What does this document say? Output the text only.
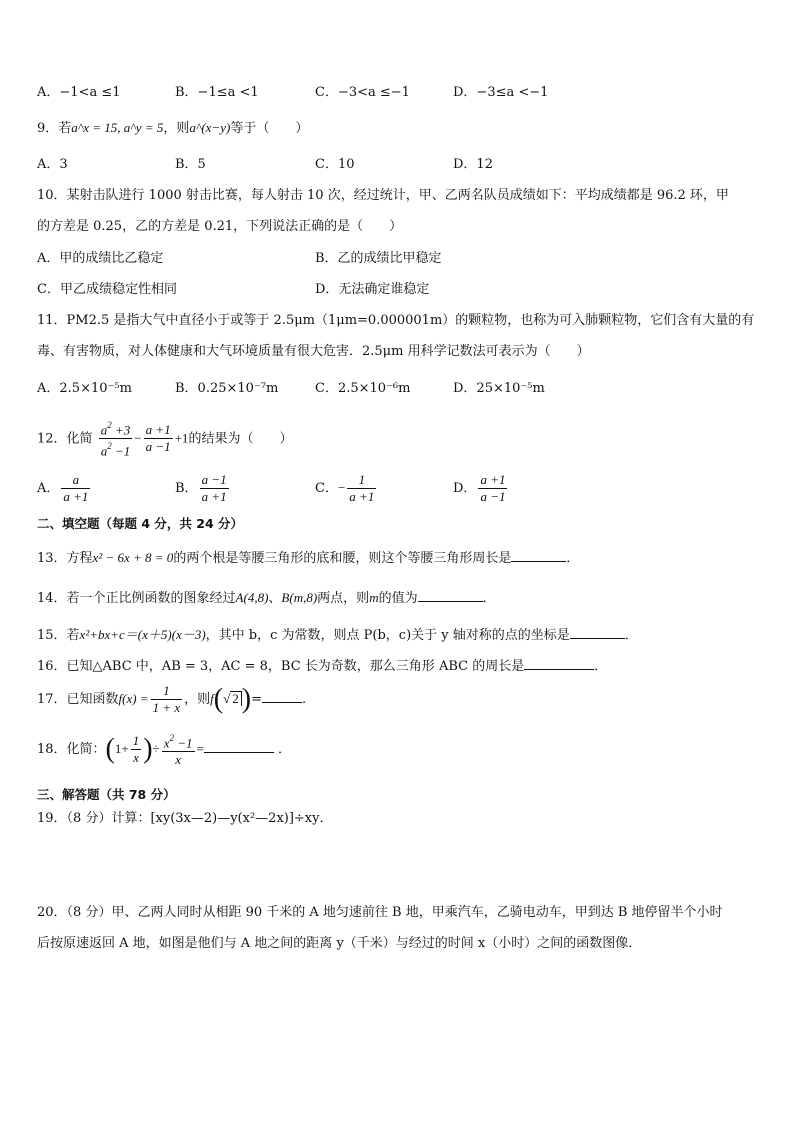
A．−1<a ≤1	B．−1≤a <1	C．−3<a ≤−1	D．−3≤a <−1
9．若a^x = 15, a^y = 5，则a^(x−y)等于（　　）
A．3	B．5	C．10	D．12
10．某射击队进行 1000 射击比赛，每人射击 10 次，经过统计，甲、乙两名队员成绩如下：平均成绩都是 96.2 环，甲
的方差是 0.25，乙的方差是 0.21，下列说法正确的是（　　）
A．甲的成绩比乙稳定	B．乙的成绩比甲稳定
C．甲乙成绩稳定性相同	D．无法确定谁稳定
11．PM2.5 是指大气中直径小于或等于 2.5μm（1μm=0.000001m）的颗粒物，也称为可入肺颗粒物，它们含有大量的有
毒、有害物质，对人体健康和大气环境质量有很大危害．2.5μm 用科学记数法可表示为（　　）
A．2.5×10⁻⁵m	B．0.25×10⁻⁷m	C．2.5×10⁻⁶m	D．25×10⁻⁵m
12．化简 $\frac{a^2 +3}{a^2 -1} - \frac{a +1}{a -1} +1$的结果为（　　）
A． $\frac{a}{a +1}$	B． $\frac{a -1}{a +1}$	C．− $\frac{1}{a +1}$	D． $\frac{a +1}{a -1}$
二、填空题（每题 4 分，共 24 分）
13．方程x² − 6x + 8 = 0的两个根是等腰三角形的底和腰，则这个等腰三角形周长是	．
14．若一个正比例函数的图象经过A(4,8)、B(m,8)两点，则m的值为	．
15．若x²+bx+c＝(x＋5)(x－3)，其中 b，c 为常数，则点 P(b，c)关于 y 轴对称的点的坐标是	．
16．已知△ABC 中，AB = 3，AC = 8，BC 长为奇数，那么三角形 ABC 的周长是	．
17．已知函数$f(x) = \frac{1}{1 + x}$ ，则f(√ 2 )=	.
18．化简：($1+ \frac{1}{x}$ )÷ $\frac{x^2 -1}{x}$ =	．
三、解答题（共 78 分）
19．（8 分）计算：[xy(3x—2)—y(x²—2x)]÷xy．
20．（8 分）甲、乙两人同时从相距 90 千米的 A 地匀速前往 B 地，甲乘汽车，乙骑电动车，甲到达 B 地停留半个小时
后按原速返回 A 地，如图是他们与 A 地之间的距离 y（千米）与经过的时间 x（小时）之间的函数图像．
